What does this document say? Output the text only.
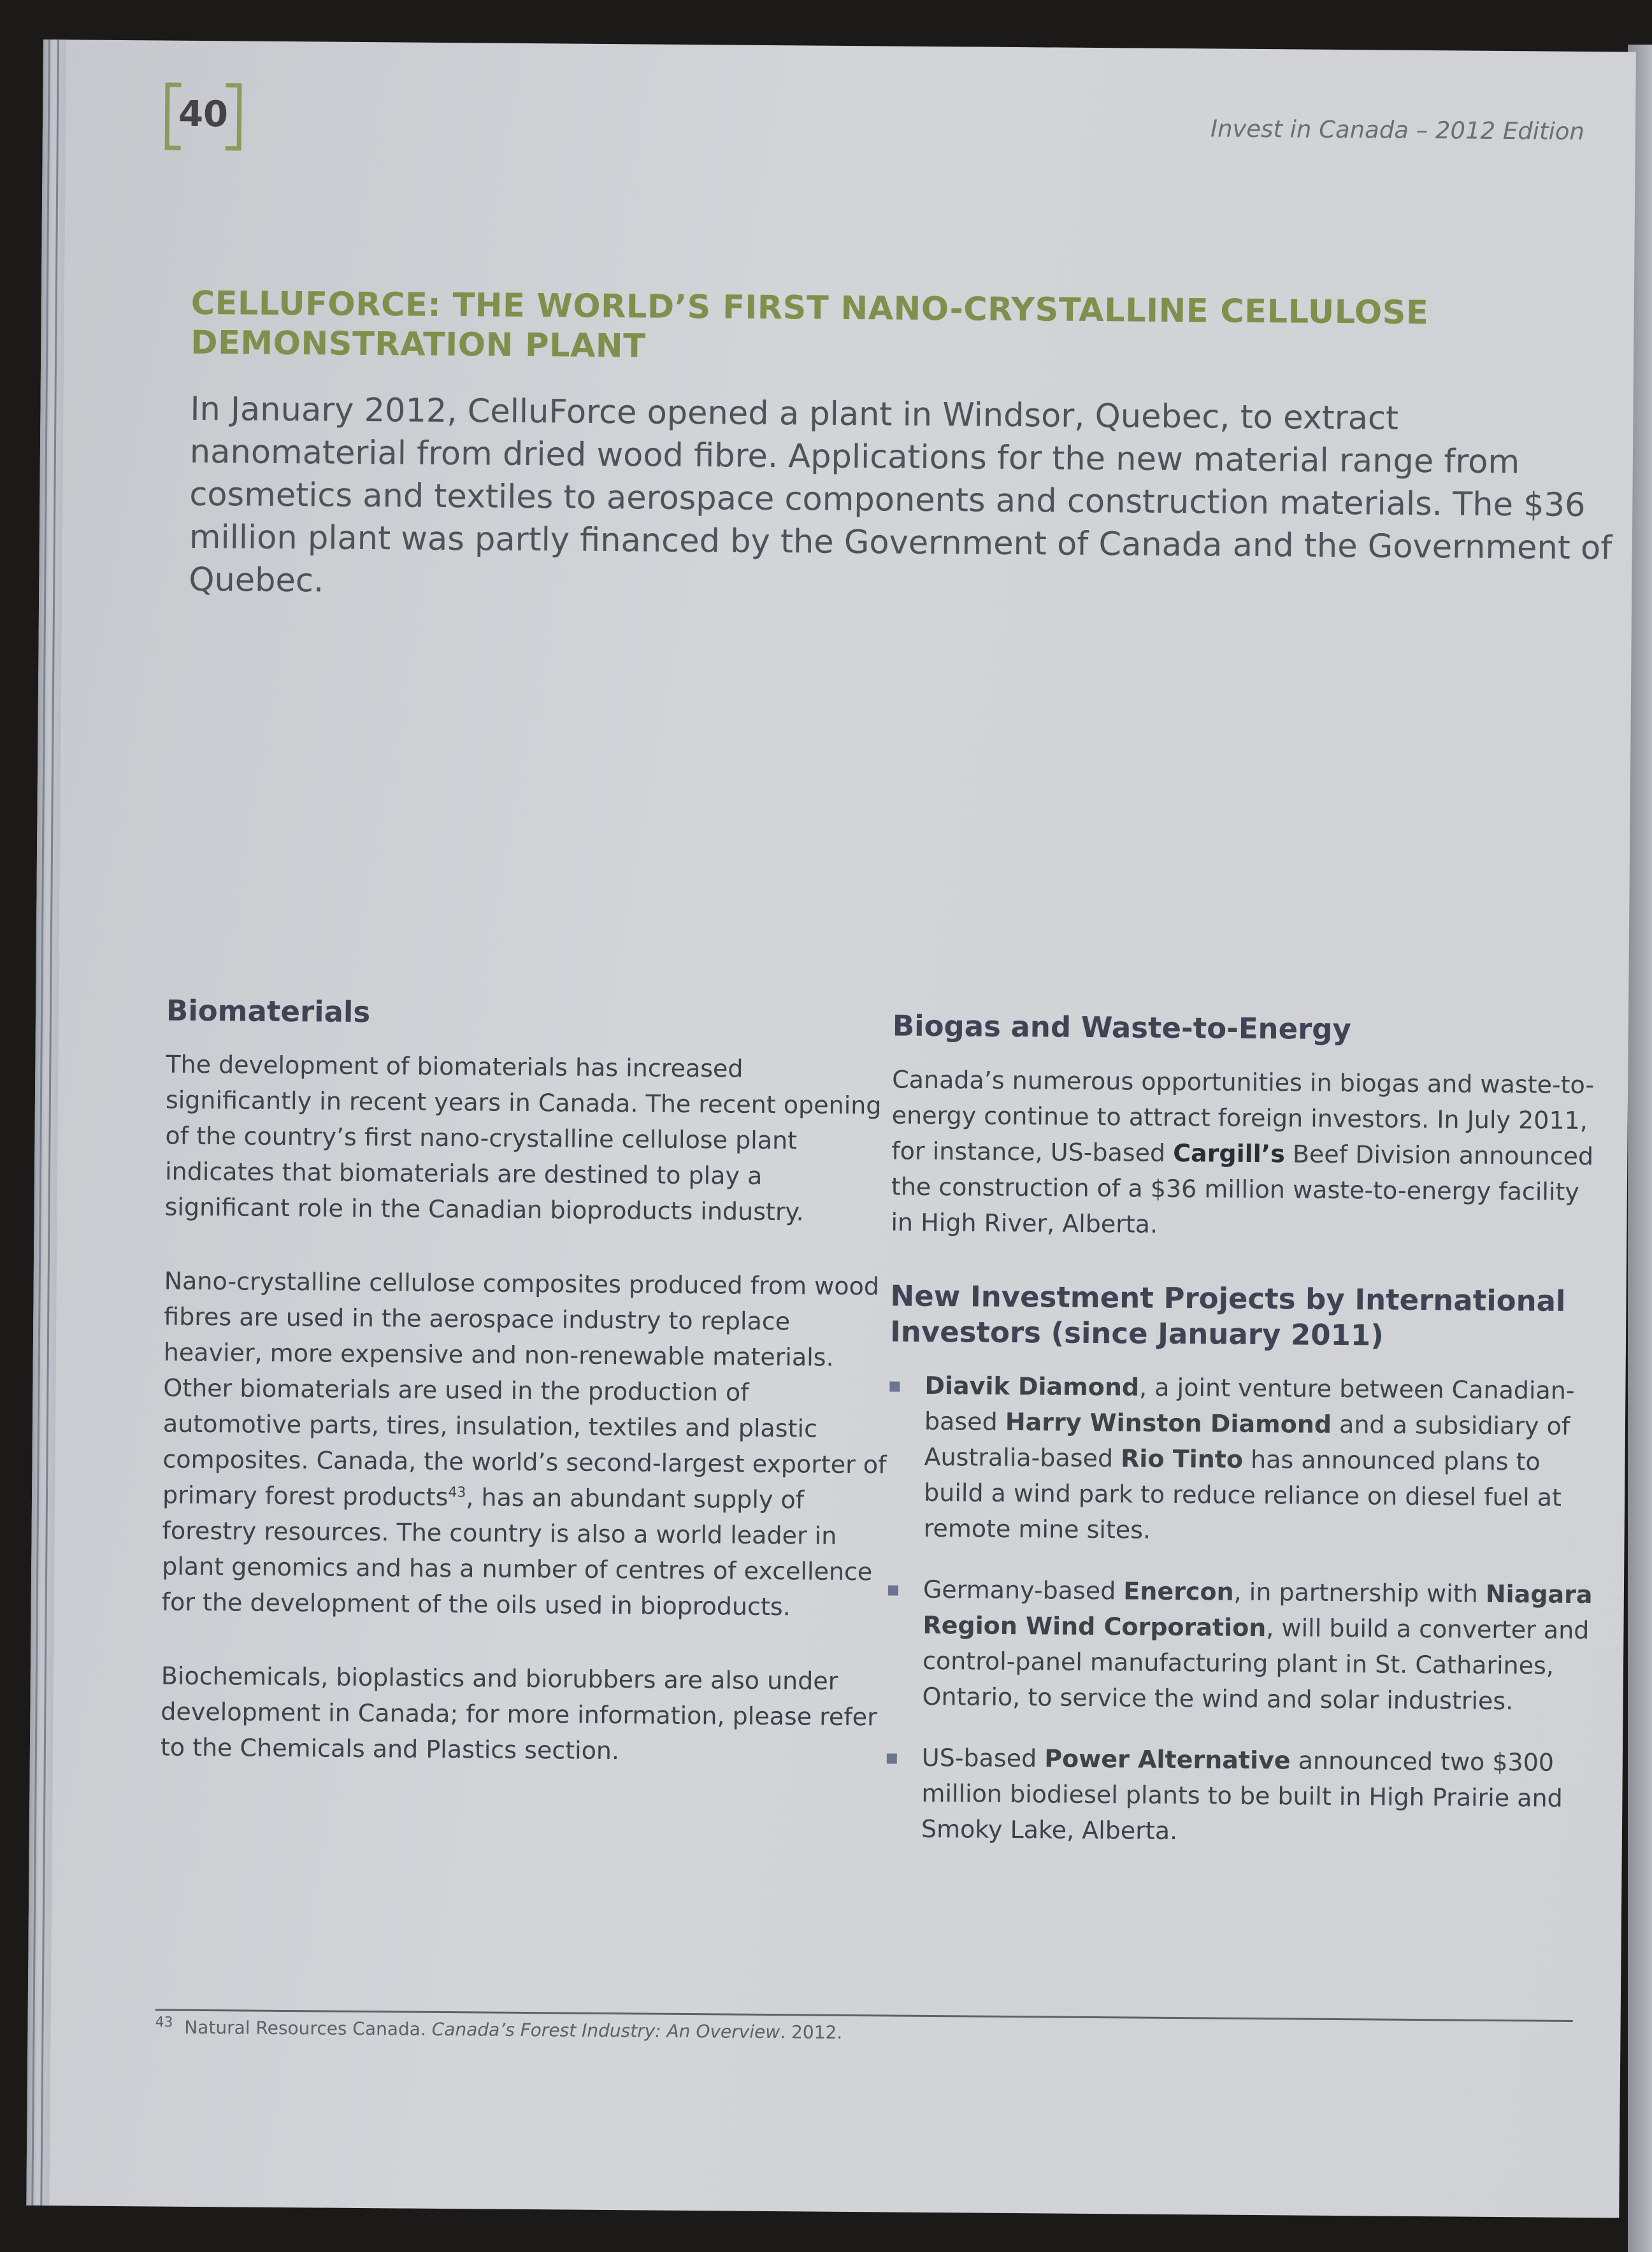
40	Invest in Canada – 2012 Edition
CELLUFORCE: THE WORLD’S FIRST NANO-CRYSTALLINE CELLULOSE DEMONSTRATION PLANT

In January 2012, CelluForce opened a plant in Windsor, Quebec, to extract nanomaterial from dried wood fibre. Applications for the new material range from cosmetics and textiles to aerospace components and construction materials. The $36 million plant was partly financed by the Government of Canada and the Government of Quebec.

Biomaterials

The development of biomaterials has increased significantly in recent years in Canada. The recent opening of the country’s first nano-crystalline cellulose plant indicates that biomaterials are destined to play a significant role in the Canadian bioproducts industry.

Nano-crystalline cellulose composites produced from wood fibres are used in the aerospace industry to replace heavier, more expensive and non-renewable materials. Other biomaterials are used in the production of automotive parts, tires, insulation, textiles and plastic composites. Canada, the world’s second-largest exporter of primary forest products$^{43}$, has an abundant supply of forestry resources. The country is also a world leader in plant genomics and has a number of centres of excellence for the development of the oils used in bioproducts.

Biochemicals, bioplastics and biorubbers are also under development in Canada; for more information, please refer to the Chemicals and Plastics section.

Biogas and Waste-to-Energy

Canada’s numerous opportunities in biogas and waste-to-energy continue to attract foreign investors. In July 2011, for instance, US-based Cargill’s Beef Division announced the construction of a $36 million waste-to-energy facility in High River, Alberta.

New Investment Projects by International Investors (since January 2011)
Diavik Diamond, a joint venture between Canadian-based Harry Winston Diamond and a subsidiary of Australia-based Rio Tinto has announced plans to build a wind park to reduce reliance on diesel fuel at remote mine sites.
Germany-based Enercon, in partnership with Niagara Region Wind Corporation, will build a converter and control-panel manufacturing plant in St. Catharines, Ontario, to service the wind and solar industries.
US-based Power Alternative announced two $300 million biodiesel plants to be built in High Prairie and Smoky Lake, Alberta.
$^{43}$ Natural Resources Canada. Canada’s Forest Industry: An Overview. 2012.
